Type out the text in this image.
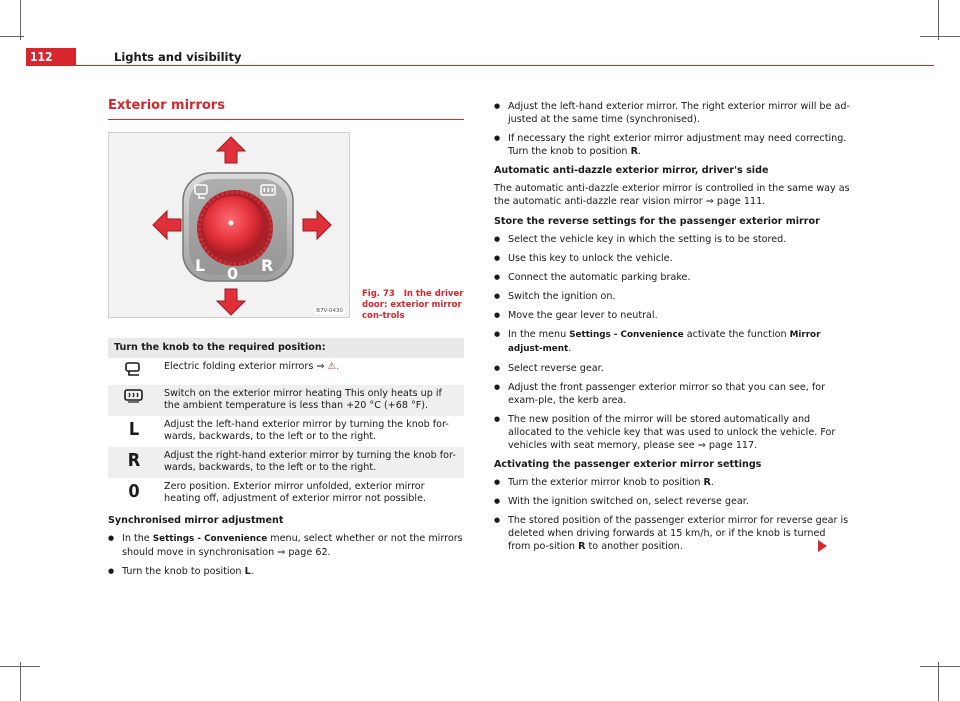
112	Lights and visibility
Exterior mirrors
L 0 R
B7V-0430
Fig. 73 In the driver door: exterior mirror con-trols
Turn the knob to the required position:	
	Electric folding exterior mirrors ⇒ ⚠.
	Switch on the exterior mirror heating This only heats up if the ambient temperature is less than +20 °C (+68 °F).
L	Adjust the left-hand exterior mirror by turning the knob for-wards, backwards, to the left or to the right.
R	Adjust the right-hand exterior mirror by turning the knob for-wards, backwards, to the left or to the right.
0	Zero position. Exterior mirror unfolded, exterior mirror heating off, adjustment of exterior mirror not possible.
Synchronised mirror adjustment
● In the Settings - Convenience menu, select whether or not the mirrors should move in synchronisation ⇒ page 62.
● Turn the knob to position L.
● Adjust the left-hand exterior mirror. The right exterior mirror will be ad-justed at the same time (synchronised).
● If necessary the right exterior mirror adjustment may need correcting. Turn the knob to position R.
Automatic anti-dazzle exterior mirror, driver's side
The automatic anti-dazzle exterior mirror is controlled in the same way as the automatic anti-dazzle rear vision mirror ⇒ page 111.
Store the reverse settings for the passenger exterior mirror
● Select the vehicle key in which the setting is to be stored.
● Use this key to unlock the vehicle.
● Connect the automatic parking brake.
● Switch the ignition on.
● Move the gear lever to neutral.
● In the menu Settings - Convenience activate the function Mirror adjust-ment.
● Select reverse gear.
● Adjust the front passenger exterior mirror so that you can see, for exam-ple, the kerb area.
● The new position of the mirror will be stored automatically and allocated to the vehicle key that was used to unlock the vehicle. For vehicles with seat memory, please see ⇒ page 117.
Activating the passenger exterior mirror settings
● Turn the exterior mirror knob to position R.
● With the ignition switched on, select reverse gear.
● The stored position of the passenger exterior mirror for reverse gear is deleted when driving forwards at 15 km/h, or if the knob is turned from po-sition R to another position.
